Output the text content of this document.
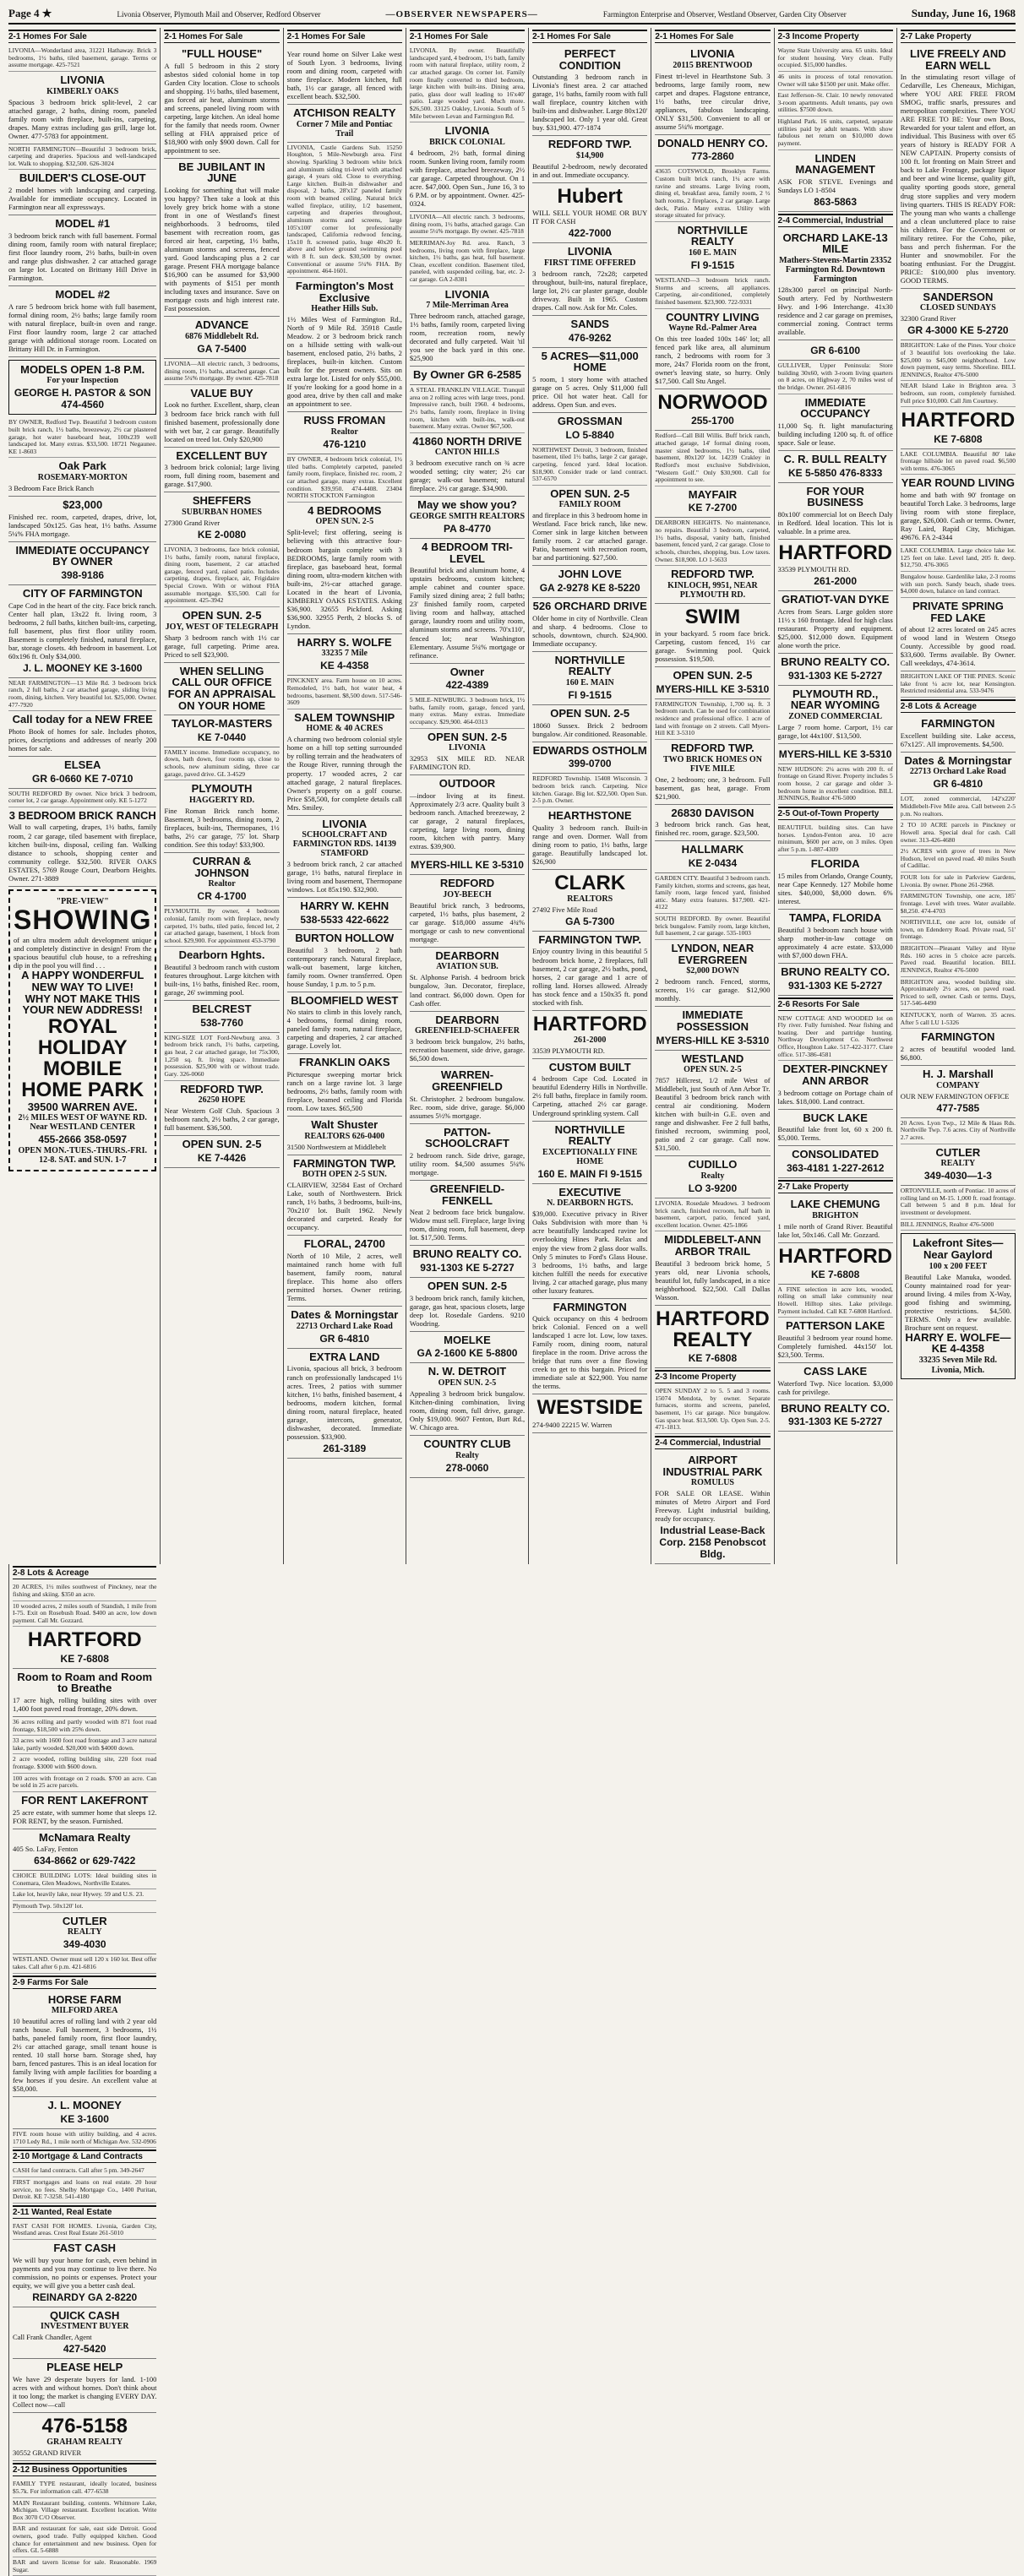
Page 4 ★	Livonia Observer, Plymouth Mail and Observer, Redford Observer	—OBSERVER NEWSPAPERS—	Farmington Enterprise and Observer, Westland Observer, Garden City Observer	Sunday, June 16, 1968
2-1 Homes For Sale
LIVONIA—Wonderland area, 31221 Hathaway. Brick 3 bedrooms, 1½ baths, tiled basement, garage. Terms or assume mortgage. 425-7521
LIVONIA
KIMBERLY OAKS
Spacious 3 bedroom brick split-level, 2 car attached garage, 2 baths, dining room, paneled family room with fireplace, built-ins, carpeting, drapes. Many extras including gas grill, large lot. Owner. 477-5783 for appointment.
NORTH FARMINGTON—Beautiful 3 bedroom brick, carpeting and draperies. Spacious and well-landscaped lot. Walk to shopping. $32,500. 626-3024
BUILDER'S CLOSE-OUT
2 model homes with landscaping and carpeting. Available for immediate occupancy. Located in Farmington near all expressways.
MODEL #1
3 bedroom brick ranch with full basement. Formal dining room, family room with natural fireplace; first floor laundry room, 2½ baths, built-in oven and range plus dishwasher. 2 car attached garage on large lot. Located on Brittany Hill Drive in Farmington.
MODEL #2
A rare 5 bedroom brick home with full basement, formal dining room, 2½ baths; large family room with natural fireplace, built-in oven and range. First floor laundry room, large 2 car attached garage with additional storage room. Located on Brittany Hill Dr. in Farmington.
MODELS OPEN 1-8 P.M.
For your Inspection
GEORGE H. PASTOR & SON 474-4560
BY OWNER, Redford Twp. Beautiful 3 bedroom custom built brick ranch, 1½ baths, breezeway, 2½ car plastered garage, hot water baseboard heat, 100x239 well landscaped lot. Many extras. $33,500. 18721 Negaunee. KE 1-8603
Oak Park
ROSEMARY-MORTON
3 Bedroom Face Brick Ranch
$23,000
Finished rec. room, carpeted, drapes, drive, lot, landscaped 50x125. Gas heat, 1½ baths. Assume 5¼% FHA mortgage.
IMMEDIATE OCCUPANCY BY OWNER
398-9186
CITY OF FARMINGTON
Cape Cod in the heart of the city. Face brick ranch. Center hall plan, 13x22 ft. living room, 3 bedrooms, 2 full baths, kitchen built-ins, carpeting, full basement, plus first floor utility room. Basement is completely finished, natural fireplace, bar, storage closets. 4th bedroom in basement. Lot 60x196 ft. Only $34,000.
J. L. MOONEY KE 3-1600
NEAR FARMINGTON—13 Mile Rd. 3 bedroom brick ranch, 2 full baths, 2 car attached garage, sliding living room, dining, kitchen. Very beautiful lot. $25,000. Owner. 477-7920
Call today for a NEW FREE
Photo Book of homes for sale. Includes photos, prices, descriptions and addresses of nearly 200 homes for sale.
ELSEA
GR 6-0660 KE 7-0710
SOUTH REDFORD By owner. Nice brick 3 bedroom, corner lot, 2 car garage. Appointment only. KE 5-1272
3 BEDROOM BRICK RANCH
Wall to wall carpeting, drapes, 1½ baths, family room, 2 car garage, tiled basement with fireplace, kitchen built-ins, disposal, ceiling fan. Walking distance to schools, shopping center and community college. $32,500. RIVER OAKS ESTATES, 5769 Rouge Court, Dearborn Heights. Owner. 271-3889
"PRE-VIEW"
SHOWING
of an ultra modern adult development unique and completely distinctive in design! From the spacious beautiful club house, to a refreshing dip in the pool you will find . . .
A HAPPY WONDERFUL NEW WAY TO LIVE!
WHY NOT MAKE THIS YOUR NEW ADDRESS!
ROYAL HOLIDAY MOBILE HOME PARK
39500 WARREN AVE.
2½ MILES WEST OF WAYNE RD. Near WESTLAND CENTER
455-2666 358-0597
OPEN MON.-TUES.-THURS.-FRI. 12-8. SAT. and SUN. 1-7
2-1 Homes For Sale
"FULL HOUSE"
A full 5 bedroom in this 2 story asbestos sided colonial home in top Garden City location. Close to schools and shopping. 1½ baths, tiled basement, gas forced air heat, aluminum storms and screens, paneled living room with carpeting, large kitchen. An ideal home for the family that needs room. Owner selling at FHA appraised price of $18,900 with only $900 down. Call for appointment to see.
BE JUBILANT IN JUNE
Looking for something that will make you happy? Then take a look at this lovely grey brick home with a stone front in one of Westland's finest neighborhoods. 3 bedrooms, tiled basement with recreation room, gas forced air heat, carpeting, 1½ baths, aluminum storms and screens, fenced yard. Good landscaping plus a 2 car garage. Present FHA mortgage balance $16,900 can be assumed for $3,900 with payments of $151 per month including taxes and insurance. Save on mortgage costs and high interest rate. Fast possession.
ADVANCE
6876 Middlebelt Rd.
GA 7-5400
LIVONIA—All electric ranch, 3 bedrooms, dining room, 1½ baths, attached garage. Can assume 5¼% mortgage. By owner. 425-7818
VALUE BUY
Look no further. Excellent, sharp, clean 3 bedroom face brick ranch with full finished basement, professionally done with wet bar, 2 car garage. Beautifully located on treed lot. Only $20,900
EXCELLENT BUY
3 bedroom brick colonial; large living room, full dining room, basement and garage. $17,900.
SHEFFERS
SUBURBAN HOMES
27300 Grand River
KE 2-0080
LIVONIA, 3 bedrooms, face brick colonial, 1½ baths, family room, natural fireplace, dining room, basement, 2 car attached garage, fenced yard, raised patio. Includes carpeting, drapes, fireplace, air, Frigidaire Special Crown. With or without FHA assumable mortgage. $35,500. Call for appointment. 425-3942
OPEN SUN. 2-5
JOY, WEST OF TELEGRAPH
Sharp 3 bedroom ranch with 1½ car garage, full carpeting. Prime area. Priced to sell $23,900.
WHEN SELLING CALL OUR OFFICE FOR AN APPRAISAL ON YOUR HOME
TAYLOR-MASTERS
KE 7-0440
FAMILY income. Immediate occupancy, no down, bath down, four rooms up, close to schools, new aluminum siding, three car garage, paved drive. GL 3-4529
PLYMOUTH
HAGGERTY RD.
Fine Roman Brick ranch home. Basement, 3 bedrooms, dining room, 2 fireplaces, built-ins, Thermopanes, 1½ baths, 2½ car garage, 75' lot. Sharp condition. See this today! $33,900.
CURRAN & JOHNSON
Realtor
CR 4-1700
PLYMOUTH. By owner, 4 bedroom colonial, family room with fireplace, newly carpeted, 1½ baths, tiled patio, fenced lot, 2 car attached garage, basement, 1 block from school. $29,900. For appointment 453-3790
Dearborn Hghts.
Beautiful 3 bedroom ranch with custom features throughout. Large kitchen with built-ins, 1½ baths, finished Rec. room, garage, 26' swimming pool.
BELCREST
538-7760
KING-SIZE LOT Ford-Newburg area. 3 bedroom brick ranch, 1½ baths, carpeting, gas heat, 2 car attached garage, lot 75x300, 1,250 sq. ft. living space. Immediate possession. $25,900 with or without trade. Gary. 326-0060
REDFORD TWP.
26250 HOPE
Near Western Golf Club. Spacious 3 bedroom ranch, 2½ baths, 2 car garage, full basement. $36,500.
OPEN SUN. 2-5
KE 7-4426
2-1 Homes For Sale
Year round home on Silver Lake west of South Lyon. 3 bedrooms, living room and dining room, carpeted with stone fireplace. Modern kitchen, full bath, 1½ car garage, all fenced with excellent beach. $32,500.
ATCHISON REALTY
Corner 7 Mile and Pontiac Trail
LIVONIA, Castle Gardens Sub. 15250 Houghton, 5 Mile-Newburgh area. First showing. Sparkling 3 bedroom white brick and aluminum siding tri-level with attached garage, 4 years old. Close to everything. Large kitchen. Built-in dishwasher and disposal, 2 baths, 28'x12' paneled family room with beamed ceiling. Natural brick walled fireplace, utility, 1/2 basement, carpeting and draperies throughout, aluminum storms and screens, large 105'x100' corner lot professionally landscaped, California redwood fencing, 15x10 ft. screened patio, huge 40x20 ft. above and below ground swimming pool with 8 ft. sun deck. $30,500 by owner. Conventional or assume 5¼% FHA. By appointment. 464-1601.
Farmington's Most Exclusive
Heather Hills Sub.
1½ Miles West of Farmington Rd., North of 9 Mile Rd. 35918 Castle Meadow. 2 or 3 bedroom brick ranch on a hillside setting with walk-out basement, enclosed patio, 2½ baths, 2 fireplaces, built-in kitchen. Custom built for the present owners. Sits on extra large lot. Listed for only $55,000. If you're looking for a good home in a good area, drive by then call and make an appointment to see.
RUSS FROMAN
Realtor
476-1210
BY OWNER, 4 bedroom brick colonial, 1½ tiled baths. Completely carpeted, paneled family room, fireplace, finished rec. room, 2 car attached garage, many extras. Excellent condition. $39,950. 474-4408. 23404 NORTH STOCKTON Farmington
4 BEDROOMS
OPEN SUN. 2-5
Split-level; first offering, seeing is believing with this attractive four-bedroom bargain complete with 3 BEDROOMS, large family room with fireplace, gas baseboard heat, formal dining room, ultra-modern kitchen with built-ins, 2½-car attached garage. Located in the heart of Livonia, KIMBERLY OAKS ESTATES. Asking $36,900. 32655 Pickford. Asking $36,900. 32955 Perth, 2 blocks S. of Lyndon.
HARRY S. WOLFE
33235 7 Mile
KE 4-4358
PINCKNEY area. Farm house on 10 acres. Remodeled, 1½ bath, hot water heat, 4 bedrooms, basement. $8,500 down. 517-546-3609
SALEM TOWNSHIP
HOME & 40 ACRES
A charming two bedroom colonial style home on a hill top setting surrounded by rolling terrain and the headwaters of the Rouge River, running through the property. 17 wooded acres, 2 car attached garage, 2 natural fireplaces. Owner's property on a golf course. Price $58,500, for complete details call Mrs. Smiley.
LIVONIA
SCHOOLCRAFT AND FARMINGTON RDS. 14139 STAMFORD
3 bedroom brick ranch, 2 car attached garage, 1½ baths, natural fireplace in living room and basement, Thermopane windows. Lot 85x190. $32,900.
HARRY W. KEHN
538-5533 422-6622
BURTON HOLLOW
Beautiful 3 bedroom, 2 bath contemporary ranch. Natural fireplace, walk-out basement, large kitchen, family room. Owner transferred. Open house Sunday, 1 p.m. to 5 p.m.
BLOOMFIELD WEST
No stairs to climb in this lovely ranch, 4 bedrooms, formal dining room, paneled family room, natural fireplace, carpeting and draperies, 2 car attached garage. Lovely lot.
FRANKLIN OAKS
Picturesque sweeping mortar brick ranch on a large ravine lot. 3 large bedrooms, 2½ baths, family room with fireplace, beamed ceiling and Florida room. Low taxes. $65,500
Walt Shuster
REALTORS 626-0400
31500 Northwestern at Middlebelt
FARMINGTON TWP.
BOTH OPEN 2-5 SUN.
CLAIRVIEW, 32584 East of Orchard Lake, south of Northwestern. Brick ranch, 1½ baths, 3 bedrooms, built-ins, 70x210' lot. Built 1962. Newly decorated and carpeted. Ready for occupancy.
FLORAL, 24700
North of 10 Mile, 2 acres, well maintained ranch home with full basement, family room, natural fireplace. This home also offers permitted horses. Owner retiring. Terms.
Dates & Morningstar
22713 Orchard Lake Road
GR 6-4810
EXTRA LAND
Livonia, spacious all brick, 3 bedroom ranch on professionally landscaped 1½ acres. Trees, 2 patios with summer kitchen, 1½ baths, finished basement, 4 bedrooms, modern kitchen, formal dining room, natural fireplace, heated garage, intercom, generator, dishwasher, decorated. Immediate possession. $33,900.
261-3189
2-1 Homes For Sale
LIVONIA. By owner. Beautifully landscaped yard, 4 bedroom, 1½ bath, family room with natural fireplace, utility room, 2 car attached garage. On corner lot. Family room finally converted to third bedroom, large kitchen with built-ins. Dining area, patio, glass door wall leading to 16'x40' patio. Large wooded yard. Much more. $26,500. 33125 Oakley, Livonia. South of 5 Mile between Levan and Farmington Rd.
LIVONIA
BRICK COLONIAL
4 bedroom, 2½ bath, formal dining room. Sunken living room, family room with fireplace, attached breezeway, 2½ car garage. Carpeted throughout. On 1 acre. $47,000. Open Sun., June 16, 3 to 6 P.M. or by appointment. Owner. 425-0324.
LIVONIA—All electric ranch. 3 bedrooms, dining room, 1½ baths, attached garage. Can assume 5¼% mortgage. By owner. 425-7818
MERRIMAN-Joy Rd. area. Ranch, 3 bedrooms, living room with fireplace, large kitchen, 1½ baths, gas heat, full basement. Clean, excellent condition. Basement tiled, paneled, with suspended ceiling, bar, etc. 2-car garage. GA 2-8381
LIVONIA
7 Mile-Merriman Area
Three bedroom ranch, attached garage, 1½ baths, family room, carpeted living room, recreation room, newly decorated and fully carpeted. Wait 'til you see the back yard in this one. $25,900
By Owner GR 6-2585
A STEAL FRANKLIN VILLAGE. Tranquil area on 2 rolling acres with large trees, pond. Impressive ranch, built 1960. 4 bedrooms, 2½ baths, family room, fireplace in living room, kitchen with built-ins, walk-out basement. Many extras. Owner $67,500.
41860 NORTH DRIVE
CANTON HILLS
3 bedroom executive ranch on ¾ acre wooded setting; city water; 2½ car garage; walk-out basement; natural fireplace. 2½ car garage. $34,900.
May we show you?
GEORGE SMITH REALTORS
PA 8-4770
4 BEDROOM TRI-LEVEL
Beautiful brick and aluminum home, 4 upstairs bedrooms, custom kitchen; ample cabinet and counter space. Family sized dining area; 2 full baths; 23' finished family room, carpeted living room and hallway, attached garage, laundry room and utility room, aluminum storms and screens. 70'x110', fenced lot; near Washington Elementary. Assume 5¼% mortgage or refinance.
Owner
422-4389
5 MILE–NEWBURG. 3 bedroom brick, 1½ baths, family room, garage, fenced yard, many extras. Many extras. Immediate occupancy. $29,900. 464-0313
OPEN SUN. 2-5
LIVONIA
32953 SIX MILE RD. NEAR FARMINGTON RD.
OUTDOOR
—indoor living at its finest. Approximately 2/3 acre. Quality built 3 bedroom ranch. Attached breezeway, 2 car garage, 2 natural fireplaces, carpeting, large living room, dining room, kitchen with pantry. Many extras. $39,900.
MYERS-HILL KE 3-5310
REDFORD
JOY-BEECH
Beautiful brick ranch, 3 bedrooms, carpeted, 1½ baths, plus basement, 2 car garage. $18,000 assume 4¾% mortgage or cash to new conventional mortgage.
DEARBORN
AVIATION SUB.
St. Alphonse Parish. 4 bedroom brick bungalow, 3un. Decorator, fireplace, land contract. $6,000 down. Open for Cash offer.
DEARBORN
GREENFIELD-SCHAEFER
3 bedroom brick bungalow, 2½ baths, recreation basement, side drive, garage. $6,500 down.
WARREN-GREENFIELD
St. Christopher. 2 bedroom bungalow. Rec. room, side drive, garage. $6,000 assumes 5½% mortgage.
PATTON-SCHOOLCRAFT
2 bedroom ranch. Side drive, garage, utility room. $4,500 assumes 5¼% mortgage.
GREENFIELD-FENKELL
Neat 2 bedroom face brick bungalow. Widow must sell. Fireplace, large living room, dining room, full basement, deep lot. $17,500. Terms.
BRUNO REALTY CO.
931-1303 KE 5-2727
OPEN SUN. 2-5
3 bedroom brick ranch, family kitchen, garage, gas heat, spacious closets, large deep lot. Rosedale Gardens. 9210 Woodring.
MOELKE
GA 2-1600 KE 5-8800
N. W. DETROIT
OPEN SUN. 2-5
Appealing 3 bedroom brick bungalow. Kitchen-dining combination, living room, dining room, full drive, garage. Only $19,000. 9607 Fenton, Burt Rd., W. Chicago area.
COUNTRY CLUB
Realty
278-0060
2-1 Homes For Sale
PERFECT CONDITION
Outstanding 3 bedroom ranch in Livonia's finest area. 2 car attached garage, 1½ baths, family room with full wall fireplace, country kitchen with built-ins and dishwasher. Large 80x120' landscaped lot. Only 1 year old. Great buy. $31,900. 477-1874
REDFORD TWP.
$14,900
Beautiful 2-bedroom, newly decorated in and out. Immediate occupancy.
Hubert
WILL SELL YOUR HOME OR BUY IT FOR CASH
422-7000
LIVONIA
FIRST TIME OFFERED
3 bedroom ranch, 72x28; carpeted throughout, built-ins, natural fireplace, large lot, 2½ car plaster garage, double driveway. Built in 1965. Custom drapes. Call now. Ask for Mr. Coles.
SANDS
476-9262
5 ACRES—$11,000 HOME
5 room, 1 story home with attached garage on 5 acres. Only $11,000 full price. Oil hot water heat. Call for address. Open Sun. and eves.
GROSSMAN
LO 5-8840
NORTHWEST Detroit, 3 bedroom, finished basement, tiled 1½ baths, large 2 car garage, carpeting, fenced yard. Ideal location. $18,900. Consider trade or land contract. 537-6570
OPEN SUN. 2-5
FAMILY ROOM
and fireplace in this 3 bedroom home in Westland. Face brick ranch, like new. Corner sink in large kitchen between family room. 2 car attached garage. Patio, basement with recreation room, bar and partitioning. $27,500.
JOHN LOVE
GA 2-9278 KE 8-5220
526 ORCHARD DRIVE
Older home in city of Northville. Clean and sharp. 4 bedrooms. Close to schools, downtown, church. $24,900. Immediate occupancy.
NORTHVILLE REALTY
160 E. MAIN
FI 9-1515
OPEN SUN. 2-5
18060 Sussex. Brick 2 bedroom bungalow. Air conditioned. Reasonable.
EDWARDS OSTHOLM
399-0700
REDFORD Township. 15408 Wisconsin. 3 bedroom brick ranch. Carpeting. Nice kitchen. Garage. Big lot. $22,500. Open Sun. 2-5 p.m. Owner.
HEARTHSTONE
Quality 3 bedroom ranch. Built-in range and oven. Dormer. Wall from dining room to patio, 1½ baths, large garage. Beautifully landscaped lot. $26,900
CLARK
REALTORS
27492 Five Mile Road
GA 5-7300
FARMINGTON TWP.
Enjoy country living in this beautiful 5 bedroom brick home, 2 fireplaces, full basement, 2 car garage, 2½ baths, pond, horses, 2 car garage and 1 acre of rolling land. Horses allowed. Already has stock fence and a 150x35 ft. pond stocked with fish.
HARTFORD
261-2000
33539 PLYMOUTH RD.
CUSTOM BUILT
4 bedroom Cape Cod. Located in beautiful Edenderry Hills in Northville. 2½ full baths, fireplace in family room. Carpeting, attached 2½ car garage. Underground sprinkling system. Call
NORTHVILLE REALTY
EXCEPTIONALLY FINE HOME
160 E. MAIN FI 9-1515
EXECUTIVE
N. DEARBORN HGTS.
$39,000. Executive privacy in River Oaks Subdivision with more than ¼ acre beautifully landscaped ravine lot overlooking Hines Park. Relax and enjoy the view from 2 glass door walls. Only 5 minutes to Ford's Glass House. 3 bedrooms, 1½ baths, and large kitchen fulfill the needs for executive living. 2 car attached garage, plus many other luxury features.
FARMINGTON
Quick occupancy on this 4 bedroom brick Colonial. Fenced on a well landscaped 1 acre lot. Low, low taxes. Family room, dining room, natural fireplace in the room. Drive across the bridge that runs over a fine flowing creek to get to this bargain. Priced for immediate sale at $22,900. You name the terms.
WESTSIDE
274-9400 22215 W. Warren
2-1 Homes For Sale
LIVONIA
20115 BRENTWOOD
Finest tri-level in Hearthstone Sub. 3 bedrooms, large family room, new carpet and drapes. Flagstone entrance, 1½ baths, tree circular drive, appliances, fabulous landscaping. ONLY $31,500. Convenient to all or assume 5¼% mortgage.
DONALD HENRY CO.
773-2860
43635 COTSWOLD, Brooklyn Farms. Custom built brick ranch, 1¼ acre with ravine and streams. Large living room, dining el, breakfast area, family room, 2 ½ bath rooms, 2 fireplaces, 2 car garage. Large deck, Patio. Many extras. Utility with storage situated for privacy.
NORTHVILLE REALTY
160 E. MAIN
FI 9-1515
WESTLAND—3 bedroom brick ranch. Storms and screens, all appliances. Carpeting, air-conditioned, completely finished basement. $23,900. 722-9331
COUNTRY LIVING
Wayne Rd.-Palmer Area
On this tree loaded 100x 146' lot; all fenced park like area, all aluminum ranch, 2 bedrooms with room for 3 more, 24x7 Florida room on the front, owner's leaving state, so hurry. Only $17,500. Call Stu Angel.
NORWOOD
255-1700
Redford—Call Bill Willis. Buff brick ranch, attached garage, 14' formal dining room, master sized bedrooms, 1½ baths, tiled basement, 80x120' lot. 14239 Crakley in Redford's most exclusive Subdivision, "Western Golf." Only $30,900. Call for appointment to see.
MAYFAIR
KE 7-2700
DEARBORN HEIGHTS. No maintenance, no repairs. Beautiful 3 bedroom, carpeted, 1½ baths, disposal, vanity bath, finished basement, fenced yard, 2 car garage. Close to schools, churches, shopping, bus. Low taxes. Owner. $18,900. LO 1-5633
REDFORD TWP.
KINLOCH, 9951, NEAR PLYMOUTH RD.
SWIM
in your backyard. 5 room face brick. Carpeting, custom fenced, 1½ car garage. Swimming pool. Quick possession. $19,500.
OPEN SUN. 2-5
MYERS-HILL KE 3-5310
FARMINGTON Township, 1,700 sq. ft. 3 bedroom ranch. Can be used for combination residence and professional office. 1 acre of land with frontage on 2 streets. Call Myers-Hill KE 3-5310
REDFORD TWP.
TWO BRICK HOMES ON FIVE MILE
One, 2 bedroom; one, 3 bedroom. Full basement, gas heat, garage. From $21,900.
26830 DAVISON
3 bedroom brick ranch. Gas heat, finished rec. room, garage. $23,500.
HALLMARK
KE 2-0434
GARDEN CITY. Beautiful 3 bedroom ranch. Family kitchen, storms and screens, gas heat, family room, large fenced yard, finished attic. Many extra features. $17,900. 421-4122
SOUTH REDFORD. By owner. Beautiful brick bungalow. Family room, large kitchen, full basement, 2 car garage. 535-1003
LYNDON, NEAR EVERGREEN
$2,000 DOWN
2 bedroom ranch. Fenced, storms, screens, 1½ car garage. $12,900 monthly.
IMMEDIATE POSSESSION
MYERS-HILL KE 3-5310
WESTLAND
OPEN SUN. 2-5
7857 Hillcrest, 1/2 mile West of Middlebelt, just South of Ann Arbor Tr. Beautiful 3 bedroom brick ranch with central air conditioning. Modern kitchen with built-in G.E. oven and range and dishwasher. Fee 2 full baths, finished recroom, swimming pool, patio and 2 car garage. Call now. $31,500.
CUDILLO
Realty
LO 3-9200
LIVONIA. Rosedale Meadows. 3 bedroom brick ranch, finished recroom, half bath in basement, carport, patio, fenced yard, excellent location. Owner. 425-1866
MIDDLEBELT-ANN ARBOR TRAIL
Beautiful 3 bedroom brick home, 5 years old, near Livonia schools, beautiful lot, fully landscaped, in a nice neighborhood. $22,500. Call Dallas Wasson.
HARTFORD REALTY
KE 7-6808
2-3 Income Property
OPEN SUNDAY 2 to 5. 5 and 3 rooms. 15074 Mendota, by owner. Separate furnaces, storms and screens, paneled, basement, 1½ car garage. Nice bungalow. Gas space heat. $13,500. Up. Open Sun. 2-5. 471-1813.
2-4 Commercial, Industrial
AIRPORT INDUSTRIAL PARK
ROMULUS
FOR SALE OR LEASE. Within minutes of Metro Airport and Ford Freeway. Light industrial building, ready for occupancy.
Industrial Lease-Back Corp. 2158 Penobscot Bldg.
2-3 Income Property
Wayne State University area. 65 units. Ideal for student housing. Very clean. Fully occupied. $15,000 handles.
46 units in process of total renovation. Owner will take $1500 per unit. Make offer.
East Jefferson–St. Clair. 10 newly renovated 3-room apartments. Adult tenants, pay own utilities. $7500 down.
Highland Park. 16 units, carpeted, separate utilities paid by adult tenants. With show fabulous net return on $10,000 down payment.
LINDEN MANAGEMENT
ASK FOR STEVE. Evenings and Sundays LO 1-8504
863-5863
2-4 Commercial, Industrial
ORCHARD LAKE-13 MILE
Mathers-Stevens-Martin 23352 Farmington Rd. Downtown Farmington
128x300 parcel on principal North-South artery. Fed by Northwestern Hwy. and I-96 Interchange. 41x30 residence and 2 car garage on premises, commercial zoning. Contract terms available.
GR 6-6100
GULLIVER, Upper Peninsula: Store building 30x60, with 3-room living quarters on 8 acres, on Highway 2, 70 miles west of the bridge. Owner. 261-6816
IMMEDIATE OCCUPANCY
11,000 Sq. ft. light manufacturing building including 1200 sq. ft. of office space. Sale or lease.
C. R. BULL REALTY
KE 5-5850 476-8333
FOR YOUR BUSINESS
80x100' commercial lot on Beech Daly in Redford. Ideal location. This lot is valuable. In a prime area.
HARTFORD
33539 PLYMOUTH RD.
261-2000
GRATIOT-VAN DYKE
Acres from Sears. Large golden store 11½ x 160 frontage. Ideal for high class restaurant. Property and equipment. $25,000. $12,000 down. Equipment alone worth the price.
BRUNO REALTY CO.
931-1303 KE 5-2727
PLYMOUTH RD., NEAR WYOMING
ZONED COMMERCIAL
Large 7 room home. Carport, 1½ car garage, lot 44x100'. $13,500.
MYERS-HILL KE 3-5310
NEW HUDSON: 2¼ acres with 200 ft. of frontage on Grand River. Property includes 5 room house, 2 car garage and older 3-bedroom home in excellent condition. BILL JENNINGS, Realtor 476-5000
2-5 Out-of-Town Property
BEAUTIFUL building sites. Can have horses. Lyndon-Fenton area. 10 acre minimum, $600 per acre, on 3 miles. Open after 5 p.m. 1-887-4309
FLORIDA
15 miles from Orlando, Orange County, near Cape Kennedy. 127 Mobile home sites. $40,000, $8,000 down. 6% interest.
TAMPA, FLORIDA
Beautiful 3 bedroom ranch house with sharp mother-in-law cottage on approximately 4 acre estate. $33,000 with $7,000 down FHA.
BRUNO REALTY CO.
931-1303 KE 5-2727
2-6 Resorts For Sale
NEW COTTAGE AND WOODED lot on Fly river. Fully furnished. Near fishing and boating. Deer and partridge hunting. Northway Development Co. Northwest Office, Houghton Lake. 517-422-3177. Clare office. 517-386-4581
DEXTER-PINCKNEY ANN ARBOR
3 bedroom cottage on Portage chain of lakes. $18,000. Land contract.
BUCK LAKE
Beautiful lake front lot, 60 x 200 ft. $5,000. Terms.
CONSOLIDATED
363-4181 1-227-2612
2-7 Lake Property
LAKE CHEMUNG
BRIGHTON
1 mile north of Grand River. Beautiful lake lot, 50x146. Call Mr. Gozzard.
HARTFORD
KE 7-6808
A FINE selection in acre lots, wooded, rolling on small lake community near Howell. Hilltop sites. Lake privilege. Payment included. Call KE 7-6808 Hartford.
PATTERSON LAKE
Beautiful 3 bedroom year round home. Completely furnished. 44x150' lot. $23,500. Terms.
CASS LAKE
Waterford Twp. Nice location. $3,000 cash for privilege.
BRUNO REALTY CO.
931-1303 KE 5-2727
2-7 Lake Property
LIVE FREELY AND EARN WELL
In the stimulating resort village of Cedarville, Les Cheneaux, Michigan, where YOU ARE FREE FROM SMOG, traffic snarls, pressures and metropolitan complexities. There YOU ARE FREE TO BE: Your own Boss, Rewarded for your talent and effort, an individual. This Business with over 65 years of history is READY FOR A NEW CAPTAIN. Property consists of 100 ft. lot fronting on Main Street and back to Lake Frontage, package liquor and beer and wine license, quality gift, quality sporting goods store, general drug store supplies and very modern living quarters. THIS IS READY FOR: The young man who wants a challenge and a clean uncluttered place to raise his children. For the Government or military retiree. For the Coho, pike, bass and perch fisherman. For the Hunter and snowmobiler. For the boating enthusiast. For the Druggist. PRICE: $100,000 plus inventory. GOOD TERMS.
SANDERSON
CLOSED SUNDAYS
32300 Grand River
GR 4-3000 KE 5-2720
BRIGHTON: Lake of the Pines. Your choice of 3 beautiful lots overlooking the lake. $25,000 to $45,000 neighborhood. Low down payment, easy terms. Shoreline. BILL JENNINGS, Realtor 476-5000
NEAR Island Lake in Brighton area. 3 bedroom, sun room, completely furnished. Full price $10,000. Call Jim Courtney.
HARTFORD
KE 7-6808
LAKE COLUMBIA. Beautiful 80' lake frontage hillside lot on paved road. $6,500 with terms. 476-3065
YEAR ROUND LIVING
home and bath with 90' frontage on beautiful Torch Lake. 3 bedrooms, large living room with stone fireplace, garage, $26,000. Cash or terms. Owner, Ray Laird, Rapid City, Michigan. 49676. FA 2-4344
LAKE COLUMBIA. Large choice lake lot. 125 feet on lake. Level land, 205 ft. deep. $12,750. 476-3065
Bungalow house. Gardenlike lake, 2-3 rooms with sun porch. Sandy beach, shade trees. $4,000 down, balance on land contract.
PRIVATE SPRING FED LAKE
of about 12 acres located on 245 acres of wood land in Western Otsego County. Accessible by good road. $33,600. Terms available. By Owner. Call weekdays, 474-3614.
BRIGHTON LAKE OF THE PINES. Scenic lake front ¼ acre lot, near Kensington. Restricted residential area. 533-9476
2-8 Lots & Acreage
FARMINGTON
Excellent building site. Lake access, 67x125'. All improvements. $4,500.
Dates & Morningstar
22713 Orchard Lake Road
GR 6-4810
LOT, zoned commercial, 142'x220' Middlebelt-Five Mile area. Call between 2-5 p.m. No realtors.
2 TO 10 ACRE parcels in Pinckney or Howell area. Special deal for cash. Call owner. 313-426-4680
2½ ACRES with grove of trees in New Hudson, level on paved road. 40 miles South of Cadillac.
FOUR lots for sale in Parkview Gardens, Livonia. By owner. Phone 261-2968.
FARMINGTON Township, one acre, 185' frontage. Level with trees. Water available. $8,250. 474-4703
NORTHVILLE, one acre lot, outside of town, on Edenderry Road. Private road, 51' frontage.
BRIGHTON—Pleasant Valley and Hyne Rds. 160 acres in 5 choice acre parcels. Paved road. Beautiful location. BILL JENNINGS, Realtor 476-5000
BRIGHTON area, wooded building site. Approximately 2½ acres, on paved road. Priced to sell, owner. Cash or terms. Days, 517-546-4490
KENTUCKY, north of Warren. 35 acres. After 5 call LU 1-5326
FARMINGTON
2 acres of beautiful wooded land. $6,800.
H. J. Marshall
COMPANY
OUR NEW FARMINGTON OFFICE
477-7585
20 Acres. Lyon Twp., 12 Mile & Haas Rds. Northville Twp. 7.6 acres. City of Northville 2.7 acres.
CUTLER
REALTY
349-4030—1-3
ORTONVILLE, north of Pontiac. 10 acres of rolling land on M-15. 1,000 ft. road frontage. Call between 5 and 8 p.m. Ideal for investment or development.
BILL JENNINGS, Realtor 476-5000
Lakefront Sites—Near Gaylord
100 x 200 FEET
Beautiful Lake Manuka, wooded. County maintained road for year-around living. 4 miles from X-Way, good fishing and swimming, protective restrictions. $4,500. TERMS. Only a few available. Brochure sent on request.
HARRY E. WOLFE—KE 4-4358
33235 Seven Mile Rd.
Livonia, Mich.
2-8 Lots & Acreage
20 ACRES, 1½ miles southwest of Pinckney, near the fishing and skiing. $350 an acre.
10 wooded acres, 2 miles south of Standish, 1 mile from I-75. Exit on Rosebush Road. $400 an acre, low down payment. Call Mr. Gozzard.
HARTFORD
KE 7-6808
Room to Roam and Room to Breathe
17 acre high, rolling building sites with over 1,400 foot paved road frontage, 20% down.
36 acres rolling and partly wooded with 871 foot road frontage, $18,500 with 25% down.
33 acres with 1600 foot road frontage and 3 acre natural lake, partly wooded. $20,000 with $4000 down.
2 acre wooded, rolling building site, 220 foot road frontage. $3000 with $600 down.
100 acres with frontage on 2 roads. $700 an acre. Can be sold in 25 acre parcels.
FOR RENT LAKEFRONT
25 acre estate, with summer home that sleeps 12. FOR RENT, by the season. Furnished.
McNamara Realty
405 So. LaFay, Fenton
634-8662 or 629-7422
CHOICE BUILDING LOTS: Ideal building sites in Conemara, Glen Meadows, Northville Estates.
Lake lot, heavily lake, near Hywey. 59 and U.S. 23.
Plymouth Twp. 50x120' lot.
CUTLER
REALTY
349-4030
WESTLAND. Owner must sell 120 x 160 lot. Best offer takes. Call after 6 p.m. 421-6816
2-9 Farms For Sale
HORSE FARM
MILFORD AREA
10 beautiful acres of rolling land with 2 year old ranch house. Full basement, 3 bedrooms, 1½ baths, paneled family room, first floor laundry, 2½ car attached garage, small tenant house is rented. 10 stall horse barn. Storage shed, hay barn, fenced pastures. This is an ideal location for family living with ample facilities for boarding a few horses if you desire. An excellent value at $58,000.
J. L. MOONEY
KE 3-1600
FIVE room house with utility building, and 4 acres. 1710 Ledy Rd., 1 mile north of Michigan Ave. 532-0906
2-10 Mortgage & Land Contracts
CASH for land contracts. Call after 5 pm. 349-2647
FIRST mortgages and loans on real estate. 20 hour service, no fees. Shelby Mortgage Co., 1400 Puritan, Detroit. KE 7-3258. 541-4180
2-11 Wanted, Real Estate
FAST CASH FOR HOMES. Livonia, Garden City, Westland areas. Crest Real Estate 261-5010
FAST CASH
We will buy your home for cash, even behind in payments and you may continue to live there. No commission, no points or expenses. Protect your equity, we will give you a better cash deal.
REINARDY GA 2-8220
QUICK CASH
INVESTMENT BUYER
Call Frank Chandler, Agent
427-5420
PLEASE HELP
We have 29 desperate buyers for land. 1-100 acres with and without homes. Don't think about it too long; the market is changing EVERY DAY. Collect now—call
476-5158
GRAHAM REALTY
30552 GRAND RIVER
2-12 Business Opportunities
FAMILY TYPE restaurant, ideally located, business $5.7k. For information call. 477-6538
MAIN Restaurant building, contents. Whitmore Lake, Michigan. Village restaurant. Excellent location. Write Box 3070 C/O Observer.
BAR and restaurant for sale, east side Detroit. Good owners, good trade. Fully equipped kitchen. Good chance for entertainment and new business. Open for offers. GL 5-6888
BAR and tavern license for sale. Reasonable. 1969 Sugar.
